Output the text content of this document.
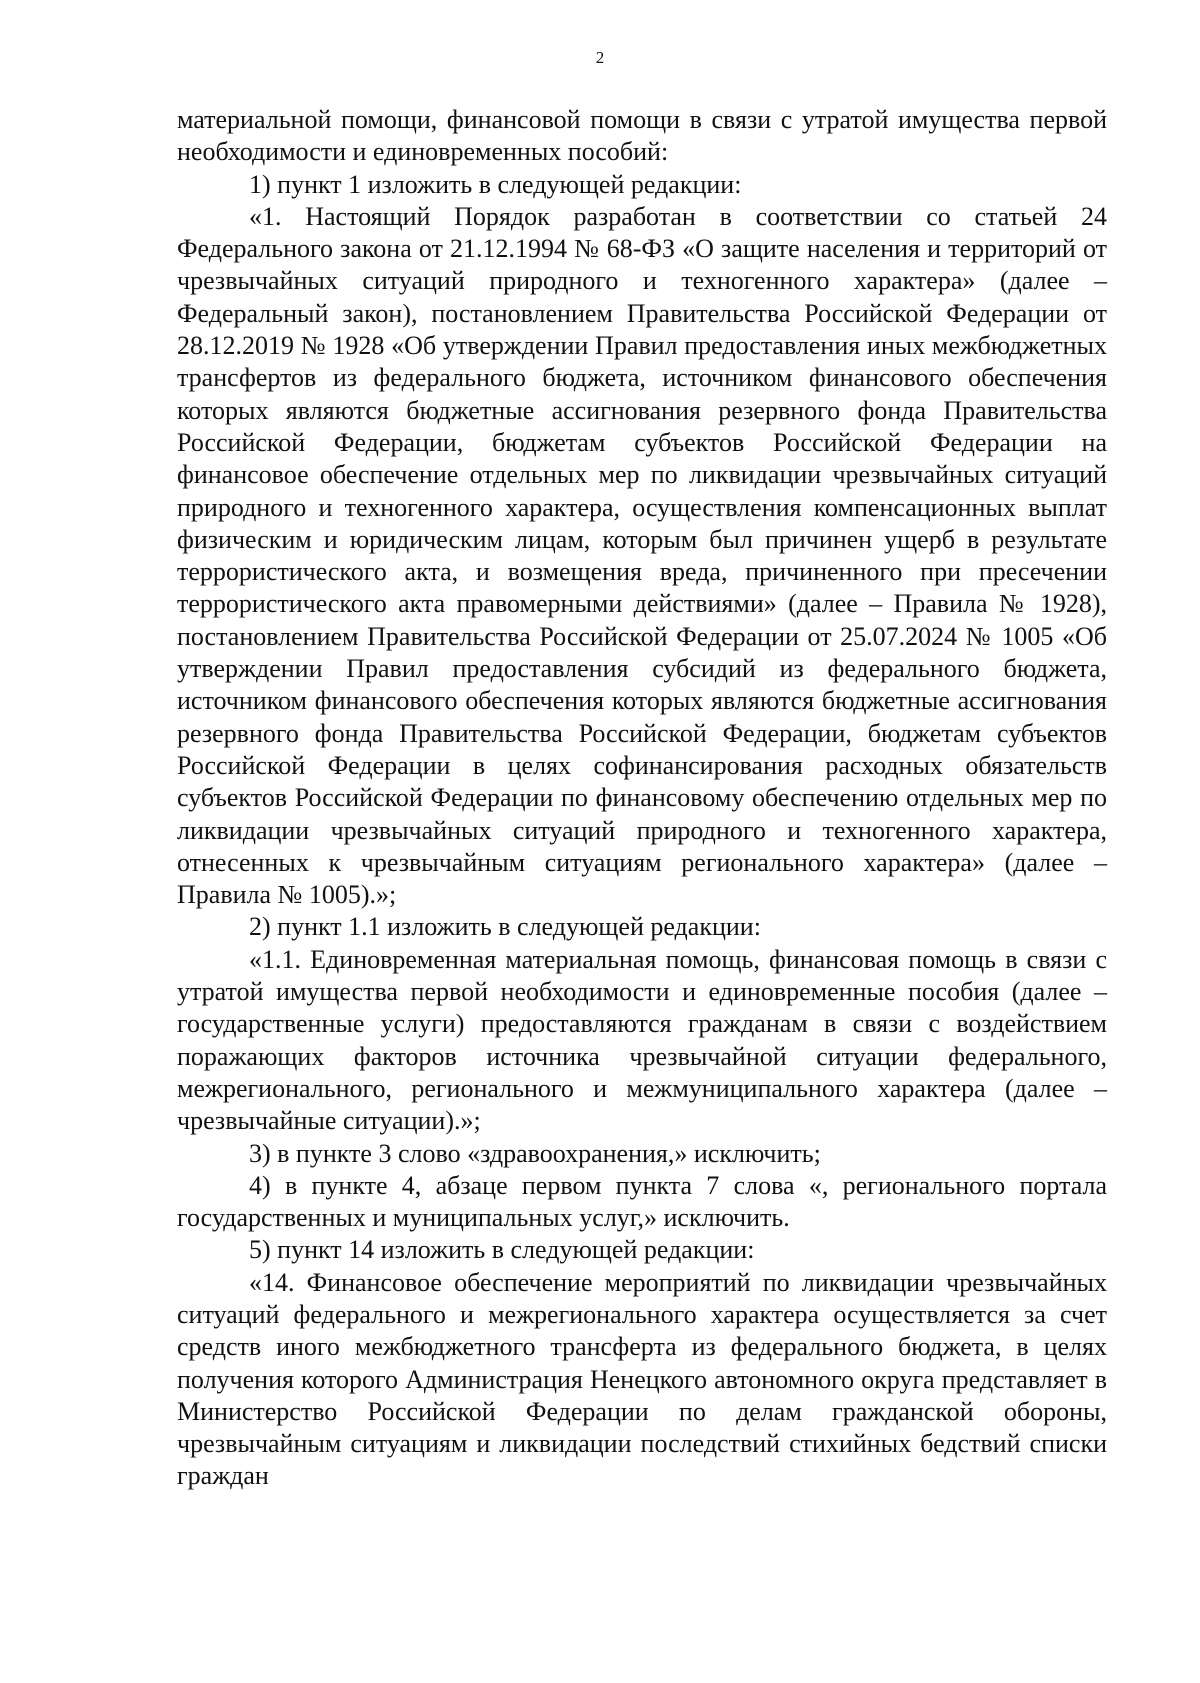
2

материальной помощи, финансовой помощи в связи с утратой имущества первой необходимости и единовременных пособий:

1) пункт 1 изложить в следующей редакции:

«1. Настоящий Порядок разработан в соответствии со статьей 24 Федерального закона от 21.12.1994 № 68-ФЗ «О защите населения и территорий от чрезвычайных ситуаций природного и техногенного характера» (далее – Федеральный закон), постановлением Правительства Российской Федерации от 28.12.2019 № 1928 «Об утверждении Правил предоставления иных межбюджетных трансфертов из федерального бюджета, источником финансового обеспечения которых являются бюджетные ассигнования резервного фонда Правительства Российской Федерации, бюджетам субъектов Российской Федерации на финансовое обеспечение отдельных мер по ликвидации чрезвычайных ситуаций природного и техногенного характера, осуществления компенсационных выплат физическим и юридическим лицам, которым был причинен ущерб в результате террористического акта, и возмещения вреда, причиненного при пресечении террористического акта правомерными действиями» (далее – Правила № 1928), постановлением Правительства Российской Федерации от 25.07.2024 № 1005 «Об утверждении Правил предоставления субсидий из федерального бюджета, источником финансового обеспечения которых являются бюджетные ассигнования резервного фонда Правительства Российской Федерации, бюджетам субъектов Российской Федерации в целях софинансирования расходных обязательств субъектов Российской Федерации по финансовому обеспечению отдельных мер по ликвидации чрезвычайных ситуаций природного и техногенного характера, отнесенных к чрезвычайным ситуациям регионального характера» (далее – Правила № 1005).»;

2) пункт 1.1 изложить в следующей редакции:

«1.1. Единовременная материальная помощь, финансовая помощь в связи с утратой имущества первой необходимости и единовременные пособия (далее – государственные услуги) предоставляются гражданам в связи с воздействием поражающих факторов источника чрезвычайной ситуации федерального, межрегионального, регионального и межмуниципального характера (далее – чрезвычайные ситуации).»;

3) в пункте 3 слово «здравоохранения,» исключить;

4) в пункте 4, абзаце первом пункта 7 слова «, регионального портала государственных и муниципальных услуг,» исключить.

5) пункт 14 изложить в следующей редакции:

«14. Финансовое обеспечение мероприятий по ликвидации чрезвычайных ситуаций федерального и межрегионального характера осуществляется за счет средств иного межбюджетного трансферта из федерального бюджета, в целях получения которого Администрация Ненецкого автономного округа представляет в Министерство Российской Федерации по делам гражданской обороны, чрезвычайным ситуациям и ликвидации последствий стихийных бедствий списки граждан
